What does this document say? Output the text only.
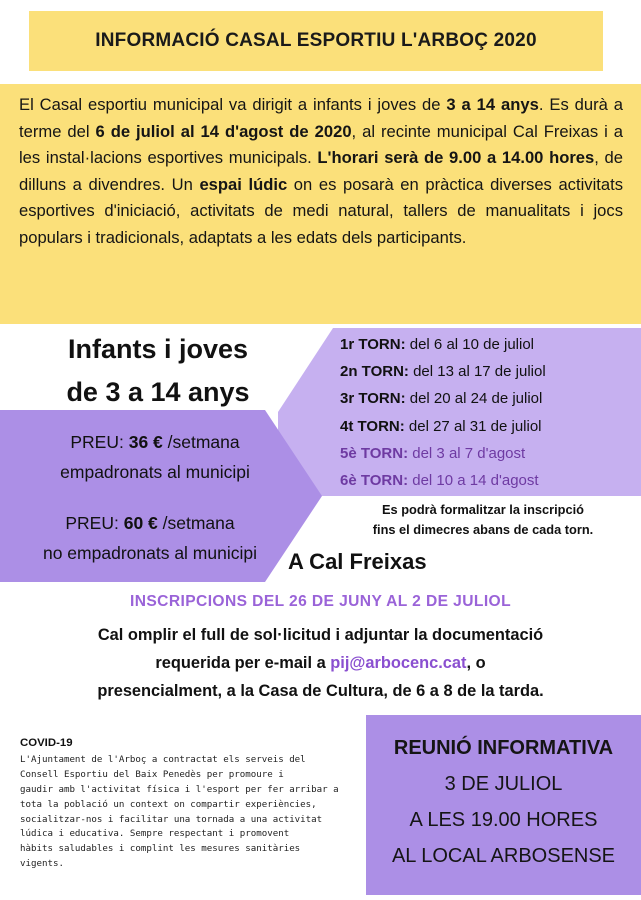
INFORMACIÓ CASAL ESPORTIU L'ARBOÇ 2020

El Casal esportiu municipal va dirigit a infants i joves de 3 a 14 anys. Es durà a terme del 6 de juliol al 14 d'agost de 2020, al recinte municipal Cal Freixas i a les instal·lacions esportives municipals. L'horari serà de 9.00 a 14.00 hores, de dilluns a divendres. Un espai lúdic on es posarà en pràctica diverses activitats esportives d'iniciació, activitats de medi natural, tallers de manualitats i jocs populars i tradicionals, adaptats a les edats dels participants.

Infants i joves
de 3 a 14 anys
PREU: 36 € /setmana
empadronats al municipi
PREU: 60 € /setmana
no empadronats al municipi
1r TORN: del 6 al 10 de juliol
2n TORN: del 13 al 17 de juliol
3r TORN: del 20 al 24 de juliol
4t TORN: del 27 al 31 de juliol
5è TORN: del 3 al 7 d'agost
6è TORN: del 10 a 14 d'agost
Es podrà formalitzar la inscripció
fins el dimecres abans de cada torn.
A Cal Freixas
INSCRIPCIONS DEL 26 DE JUNY AL 2 DE JULIOL
Cal omplir el full de sol·licitud i adjuntar la documentació
requerida per e-mail a pij@arbocenc.cat, o
presencialment, a la Casa de Cultura, de 6 a 8 de la tarda.
COVID-19
L'Ajuntament de l'Arboç a contractat els serveis del
Consell Esportiu del Baix Penedès per promoure i
gaudir amb l'activitat física i l'esport per fer arribar a
tota la població un context on compartir experiències,
socialitzar-nos i facilitar una tornada a una activitat
lúdica i educativa. Sempre respectant i promovent
hàbits saludables i complint les mesures sanitàries
vigents.
REUNIÓ INFORMATIVA
3 DE JULIOL
A LES 19.00 HORES
AL LOCAL ARBOSENSE
